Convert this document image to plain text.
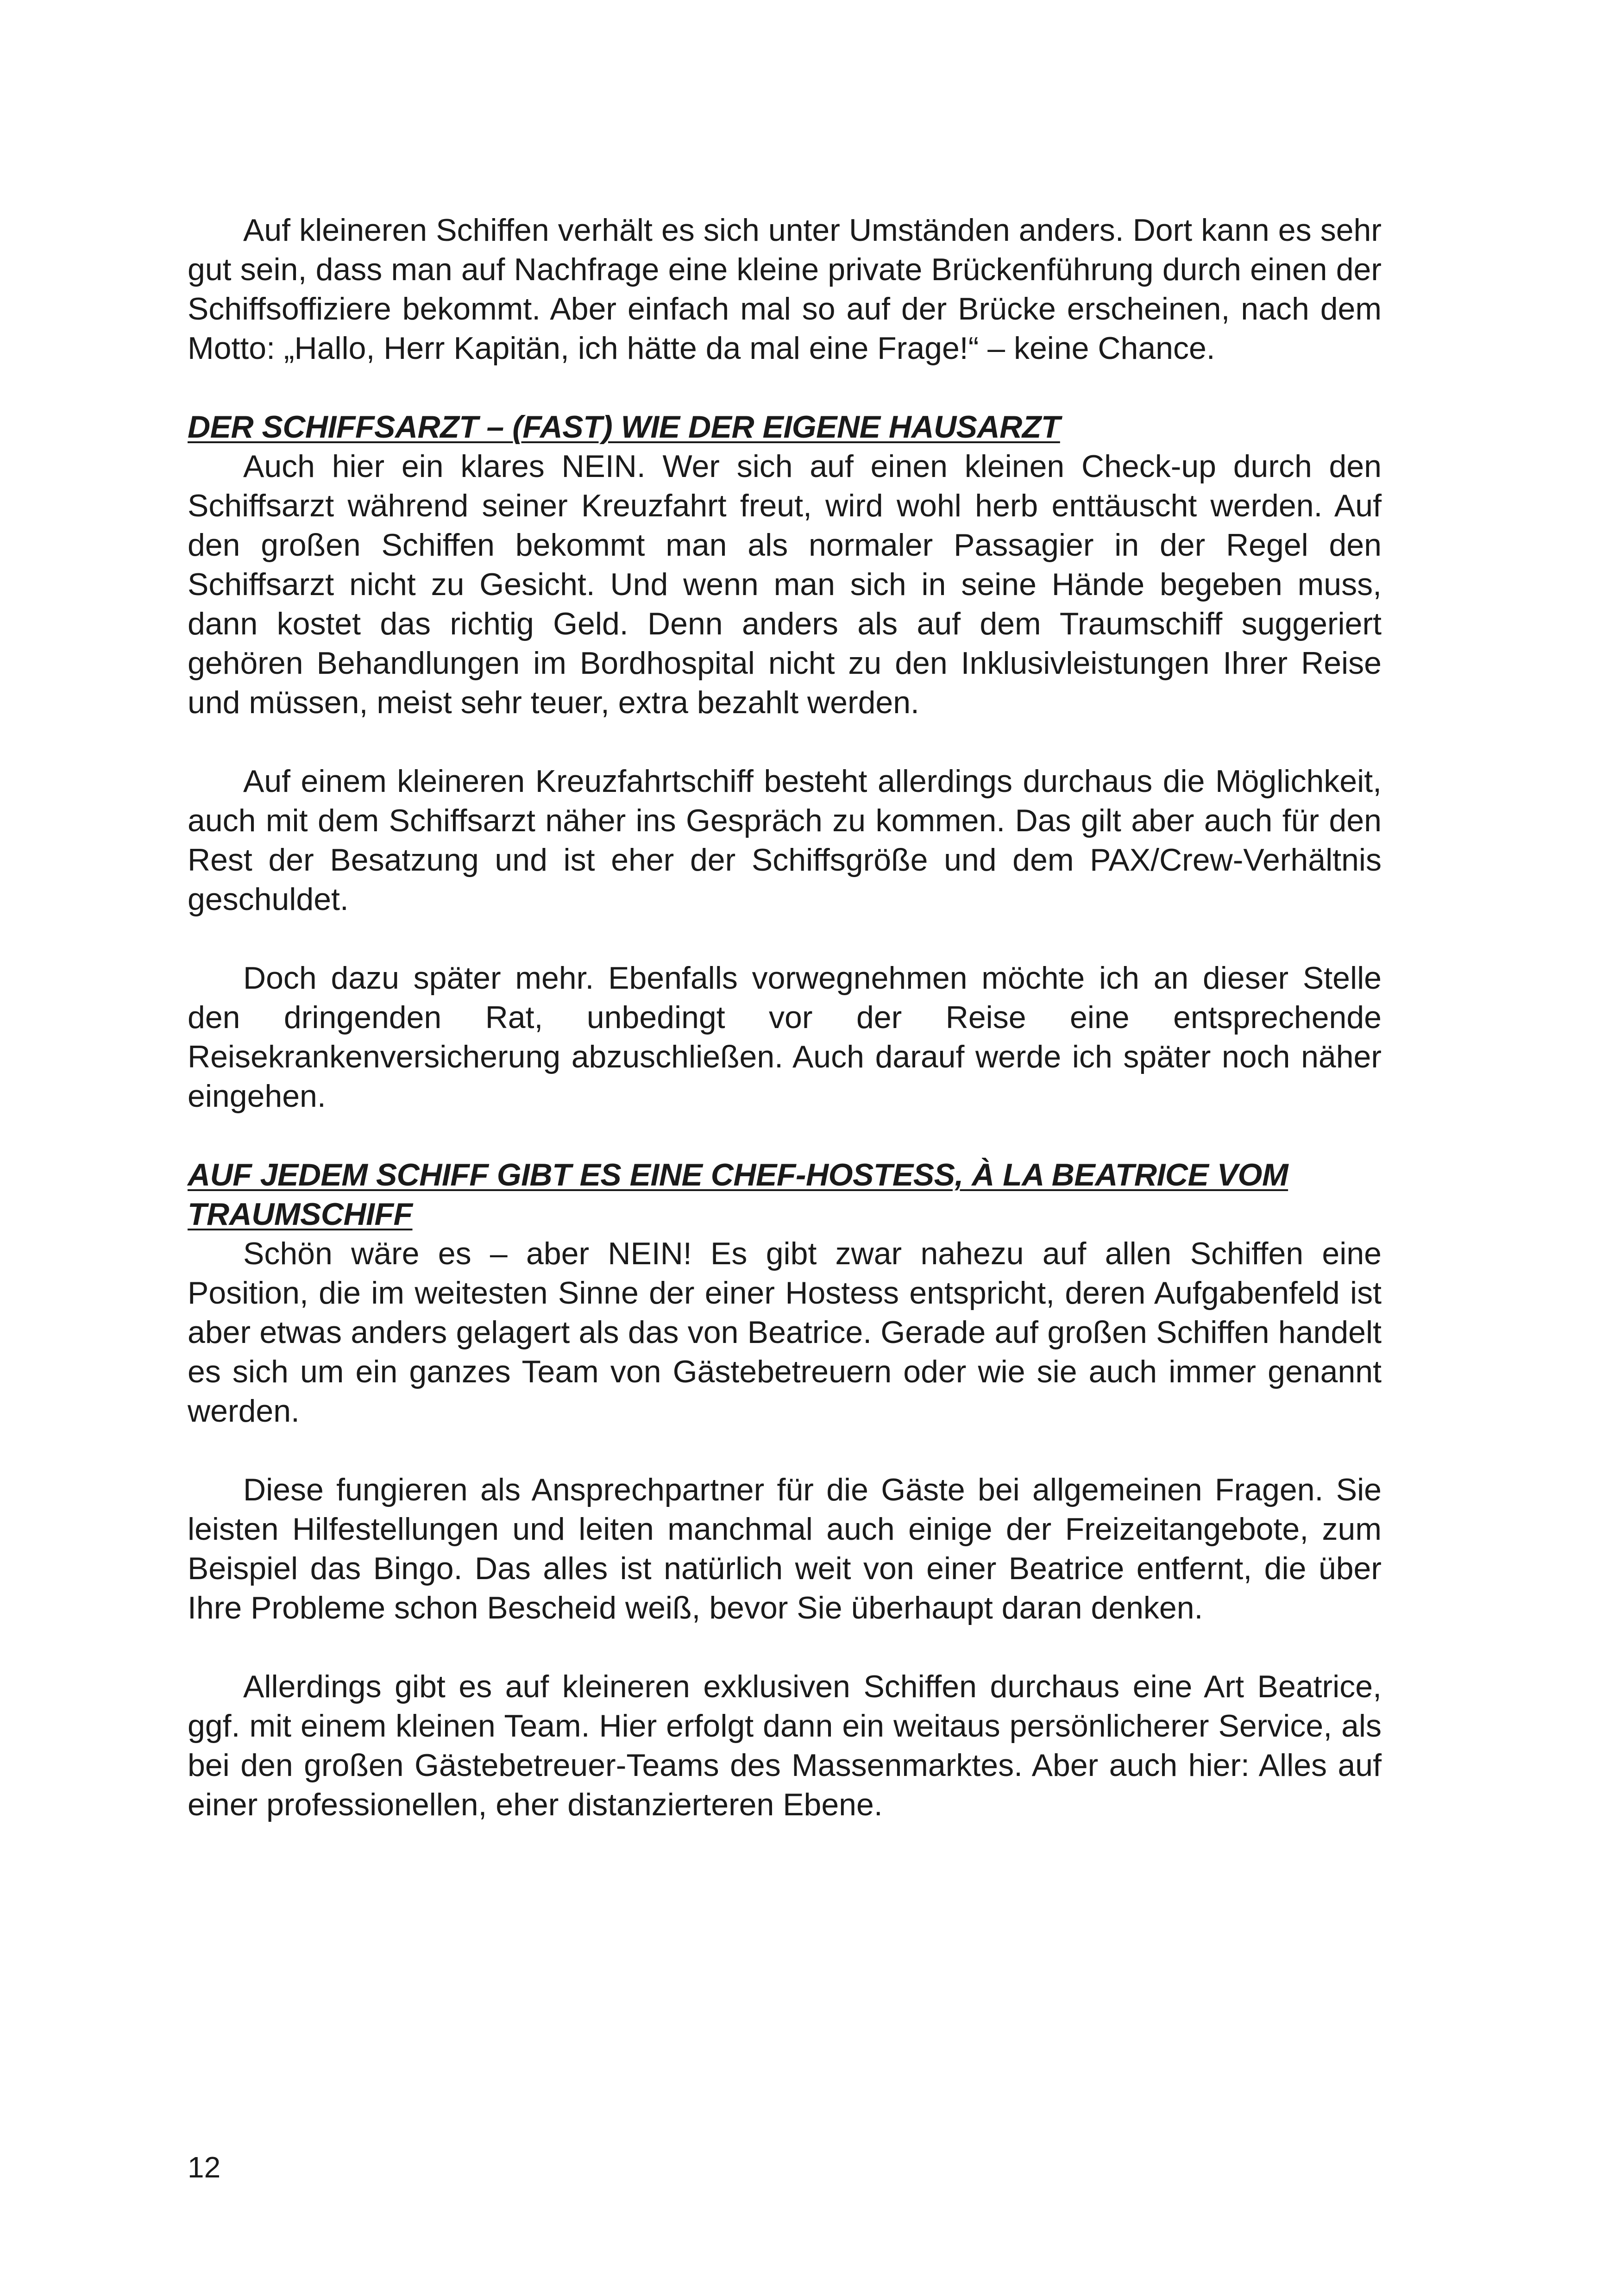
Auf kleineren Schiffen verhält es sich unter Umständen anders. Dort kann es sehr gut sein, dass man auf Nachfrage eine kleine private Brückenführung durch einen der Schiffsoffiziere bekommt. Aber einfach mal so auf der Brücke erscheinen, nach dem Motto: „Hallo, Herr Kapitän, ich hätte da mal eine Frage!“ – keine Chance.

DER SCHIFFSARZT – (FAST) WIE DER EIGENE HAUSARZT

Auch hier ein klares NEIN. Wer sich auf einen kleinen Check-up durch den Schiffsarzt während seiner Kreuzfahrt freut, wird wohl herb enttäuscht werden. Auf den großen Schiffen bekommt man als normaler Passagier in der Regel den Schiffsarzt nicht zu Gesicht. Und wenn man sich in seine Hände begeben muss, dann kostet das richtig Geld. Denn anders als auf dem Traumschiff suggeriert gehören Behandlungen im Bordhospital nicht zu den Inklusivleistungen Ihrer Reise und müssen, meist sehr teuer, extra bezahlt werden.

Auf einem kleineren Kreuzfahrtschiff besteht allerdings durchaus die Möglichkeit, auch mit dem Schiffsarzt näher ins Gespräch zu kommen. Das gilt aber auch für den Rest der Besatzung und ist eher der Schiffsgröße und dem PAX/Crew-Verhältnis geschuldet.

Doch dazu später mehr. Ebenfalls vorwegnehmen möchte ich an dieser Stelle den dringenden Rat, unbedingt vor der Reise eine entsprechende Reisekrankenversicherung abzuschließen. Auch darauf werde ich später noch näher eingehen.

AUF JEDEM SCHIFF GIBT ES EINE CHEF-HOSTESS, À LA BEATRICE VOM TRAUMSCHIFF

Schön wäre es – aber NEIN! Es gibt zwar nahezu auf allen Schiffen eine Position, die im weitesten Sinne der einer Hostess entspricht, deren Aufgabenfeld ist aber etwas anders gelagert als das von Beatrice. Gerade auf großen Schiffen handelt es sich um ein ganzes Team von Gästebetreuern oder wie sie auch immer genannt werden.

Diese fungieren als Ansprechpartner für die Gäste bei allgemeinen Fragen. Sie leisten Hilfestellungen und leiten manchmal auch einige der Freizeitangebote, zum Beispiel das Bingo. Das alles ist natürlich weit von einer Beatrice entfernt, die über Ihre Probleme schon Bescheid weiß, bevor Sie überhaupt daran denken.

Allerdings gibt es auf kleineren exklusiven Schiffen durchaus eine Art Beatrice, ggf. mit einem kleinen Team. Hier erfolgt dann ein weitaus persönlicherer Service, als bei den großen Gästebetreuer-Teams des Massenmarktes. Aber auch hier: Alles auf einer professionellen, eher distanzierteren Ebene.

12
